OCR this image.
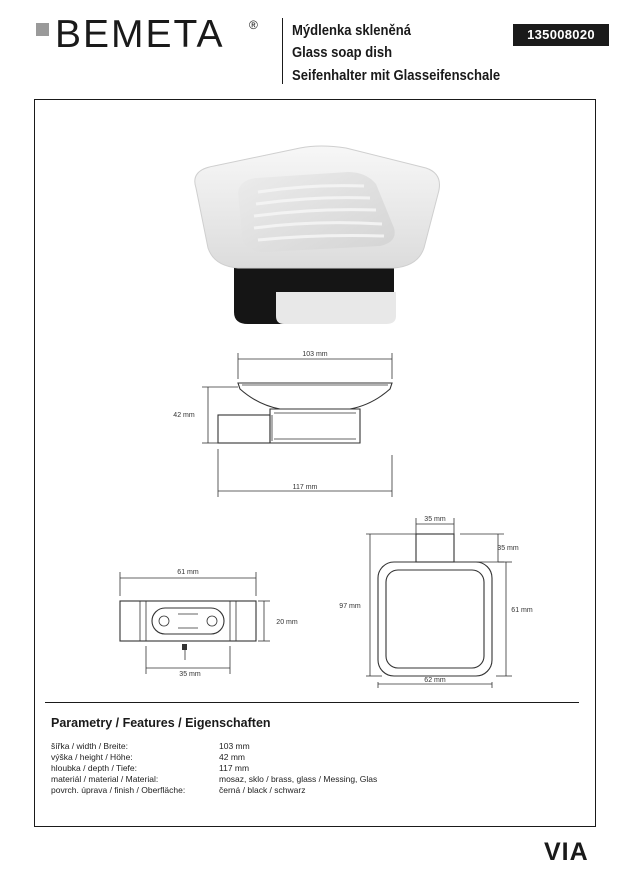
BEMETA ® Mýdlenka skleněná
Glass soap dish
Seifenhalter mit Glasseifenschale
135008020
103 mm
42 mm
117 mm
61 mm
20 mm
35 mm
35 mm
35 mm
97 mm
61 mm
62 mm
Parametry / Features / Eigenschaften
šířka / width / Breite:	103 mm
výška / height / Höhe:	42 mm
hloubka / depth / Tiefe:	117 mm
materiál / material / Material:	mosaz, sklo / brass, glass / Messing, Glas
povrch. úprava / finish / Oberfläche:	černá / black / schwarz
VIA
